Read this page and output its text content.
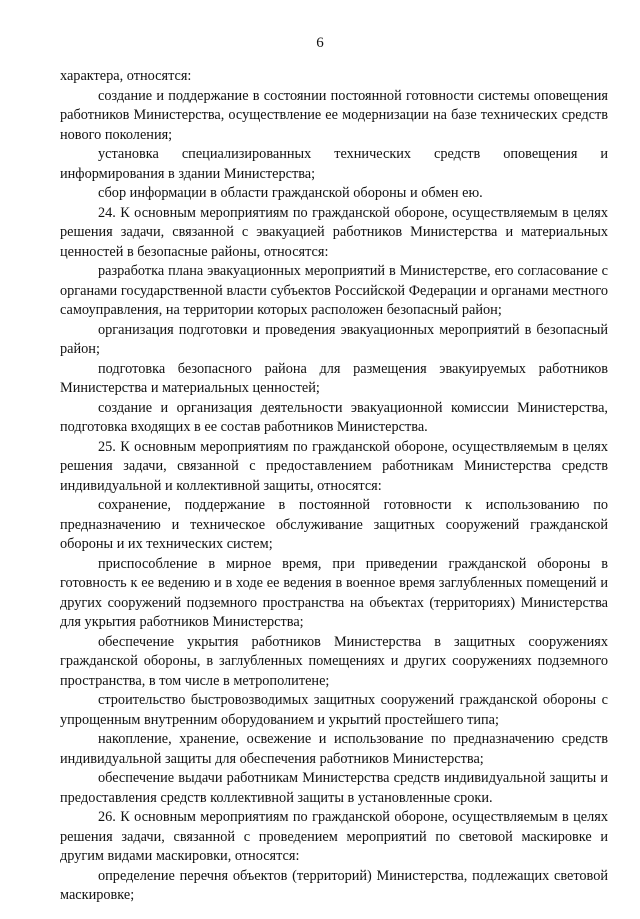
6

характера, относятся:

создание и поддержание в состоянии постоянной готовности системы оповещения работников Министерства, осуществление ее модернизации на базе технических средств нового поколения;

установка специализированных технических средств оповещения и информирования в здании Министерства;

сбор информации в области гражданской обороны и обмен ею.

24. К основным мероприятиям по гражданской обороне, осуществляемым в целях решения задачи, связанной с эвакуацией работников Министерства и материальных ценностей в безопасные районы, относятся:

разработка плана эвакуационных мероприятий в Министерстве, его согласование с органами государственной власти субъектов Российской Федерации и органами местного самоуправления, на территории которых расположен безопасный район;

организация подготовки и проведения эвакуационных мероприятий в безопасный район;

подготовка безопасного района для размещения эвакуируемых работников Министерства и материальных ценностей;

создание и организация деятельности эвакуационной комиссии Министерства, подготовка входящих в ее состав работников Министерства.

25. К основным мероприятиям по гражданской обороне, осуществляемым в целях решения задачи, связанной с предоставлением работникам Министерства средств индивидуальной и коллективной защиты, относятся:

сохранение, поддержание в постоянной готовности к использованию по предназначению и техническое обслуживание защитных сооружений гражданской обороны и их технических систем;

приспособление в мирное время, при приведении гражданской обороны в готовность к ее ведению и в ходе ее ведения в военное время заглубленных помещений и других сооружений подземного пространства на объектах (территориях) Министерства для укрытия работников Министерства;

обеспечение укрытия работников Министерства в защитных сооружениях гражданской обороны, в заглубленных помещениях и других сооружениях подземного пространства, в том числе в метрополитене;

строительство быстровозводимых защитных сооружений гражданской обороны с упрощенным внутренним оборудованием и укрытий простейшего типа;

накопление, хранение, освежение и использование по предназначению средств индивидуальной защиты для обеспечения работников Министерства;

обеспечение выдачи работникам Министерства средств индивидуальной защиты и предоставления средств коллективной защиты в установленные сроки.

26. К основным мероприятиям по гражданской обороне, осуществляемым в целях решения задачи, связанной с проведением мероприятий по световой маскировке и другим видами маскировки, относятся:

определение перечня объектов (территорий) Министерства, подлежащих световой маскировке;
